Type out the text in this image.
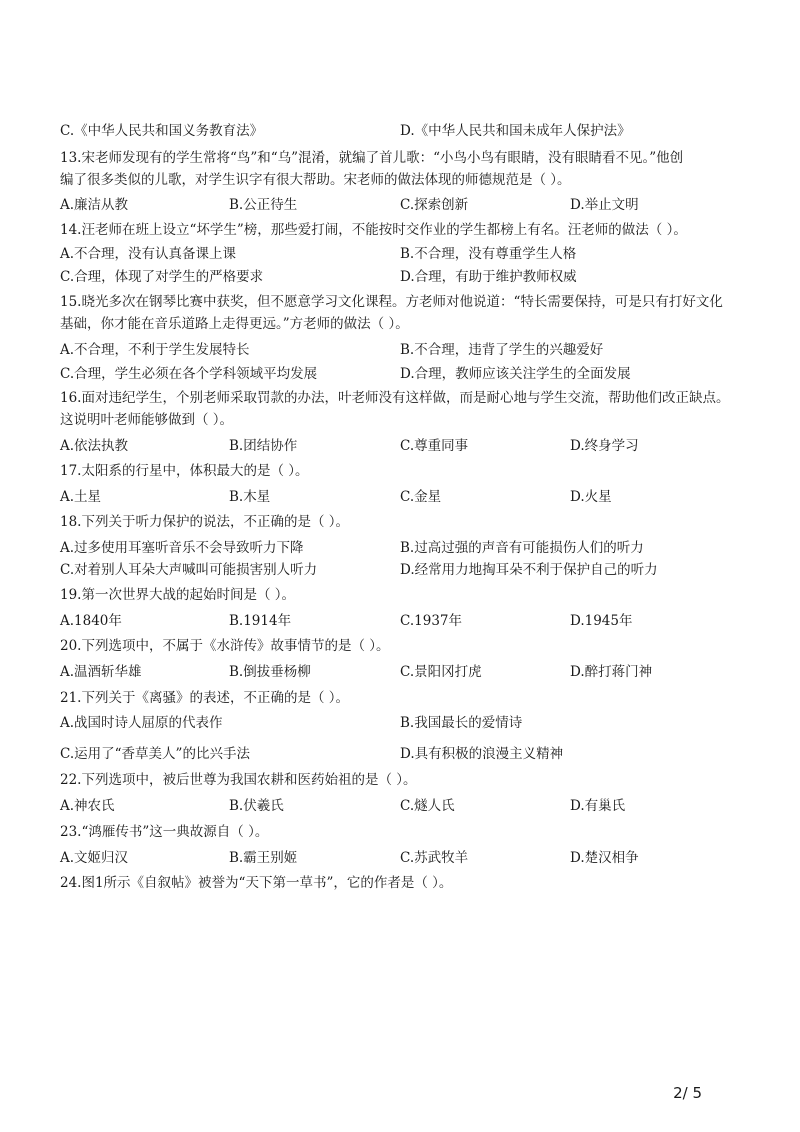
C.《中华人民共和国义务教育法》	D.《中华人民共和国未成年人保护法》
13.宋老师发现有的学生常将“鸟”和“乌”混淆，就编了首儿歌：“小鸟小鸟有眼睛，没有眼睛看不见。”他创
编了很多类似的儿歌，对学生识字有很大帮助。宋老师的做法体现的师德规范是（ ）。
A.廉洁从教	B.公正待生	C.探索创新	D.举止文明
14.汪老师在班上设立“坏学生”榜，那些爱打闹，不能按时交作业的学生都榜上有名。汪老师的做法（ ）。
A.不合理，没有认真备课上课	B.不合理，没有尊重学生人格
C.合理，体现了对学生的严格要求	D.合理，有助于维护教师权威
15.晓光多次在钢琴比赛中获奖，但不愿意学习文化课程。方老师对他说道：“特长需要保持，可是只有打好文化
基础，你才能在音乐道路上走得更远。”方老师的做法（ ）。
A.不合理，不利于学生发展特长	B.不合理，违背了学生的兴趣爱好
C.合理，学生必须在各个学科领域平均发展	D.合理，教师应该关注学生的全面发展
16.面对违纪学生，个别老师采取罚款的办法，叶老师没有这样做，而是耐心地与学生交流，帮助他们改正缺点。
这说明叶老师能够做到（ ）。
A.依法执教	B.团结协作	C.尊重同事	D.终身学习
17.太阳系的行星中，体积最大的是（ ）。
A.土星	B.木星	C.金星	D.火星
18.下列关于听力保护的说法，不正确的是（ ）。
A.过多使用耳塞听音乐不会导致听力下降	B.过高过强的声音有可能损伤人们的听力
C.对着别人耳朵大声喊叫可能损害别人听力	D.经常用力地掏耳朵不利于保护自己的听力
19.第一次世界大战的起始时间是（ ）。
A.1840年	B.1914年	C.1937年	D.1945年
20.下列选项中，不属于《水浒传》故事情节的是（ ）。
A.温酒斩华雄	B.倒拔垂杨柳	C.景阳冈打虎	D.醉打蒋门神
21.下列关于《离骚》的表述，不正确的是（ ）。
A.战国时诗人屈原的代表作	B.我国最长的爱情诗
C.运用了“香草美人”的比兴手法	D.具有积极的浪漫主义精神
22.下列选项中，被后世尊为我国农耕和医药始祖的是（ ）。
A.神农氏	B.伏羲氏	C.燧人氏	D.有巢氏
23.“鸿雁传书”这一典故源自（ ）。
A.文姬归汉	B.霸王别姬	C.苏武牧羊	D.楚汉相争
24.图1所示《自叙帖》被誉为“天下第一草书”，它的作者是（ ）。
2/ 5
